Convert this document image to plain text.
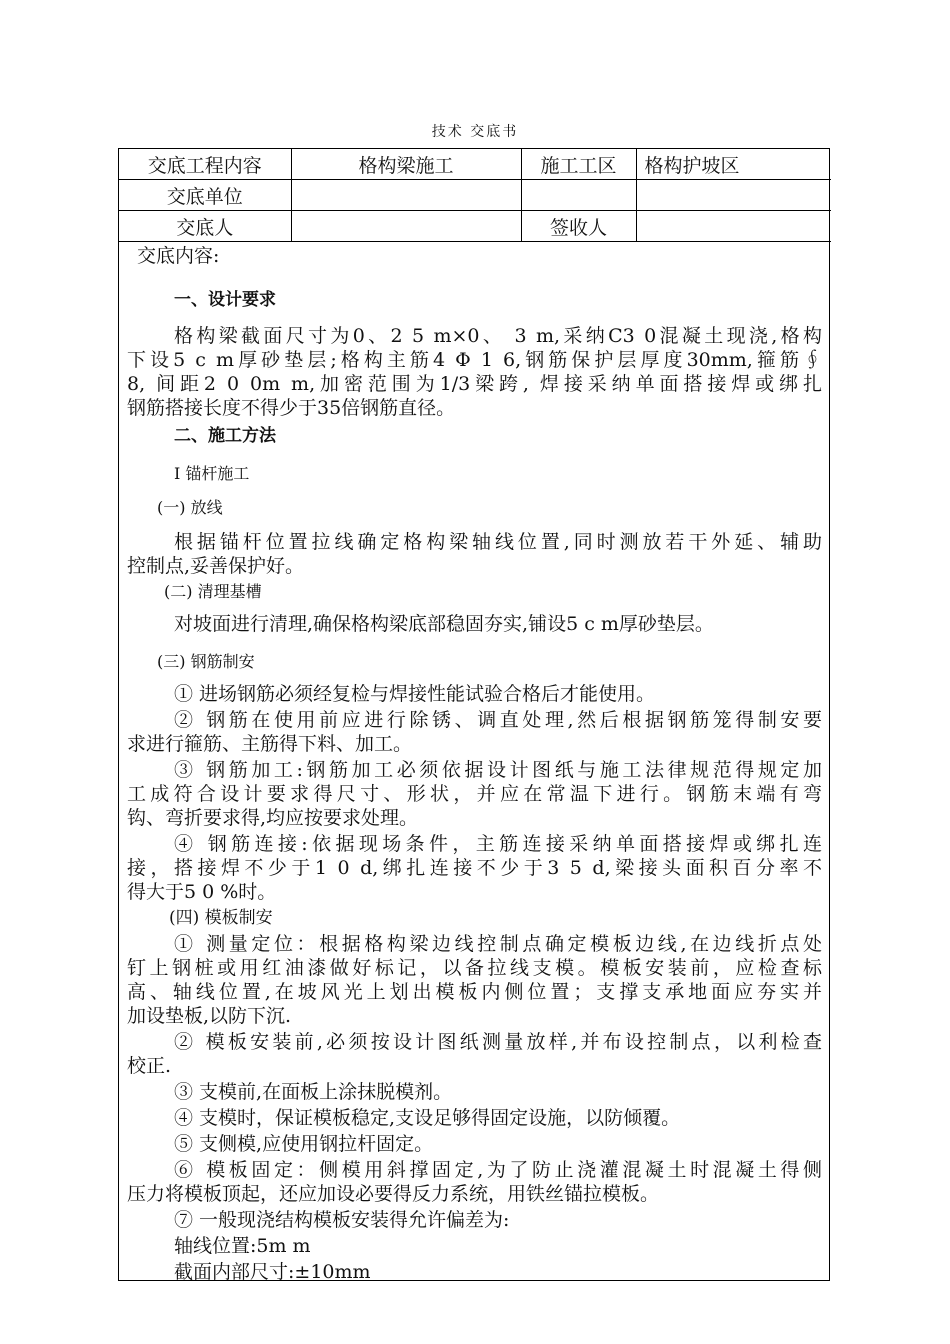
技术 交底书
交底工程内容	格构梁施工	施工工区	格构护坡区
交底单位			
交底人		签收人	
交底内容:
一、设计要求
格构梁截面尺寸为0、2 5 m×0、 3 m,采纳C3 0混凝土现浇,格构
下设5 c m厚砂垫层;格构主筋4 Φ 1 6,钢筋保护层厚度30mm,箍筋∮
8, 间距2 0 0m m,加密范围为1/3梁跨, 焊接采纳单面搭接焊或绑扎
钢筋搭接长度不得少于35倍钢筋直径。
二、施工方法
Ⅰ 锚杆施工
(一) 放线
根据锚杆位置拉线确定格构梁轴线位置,同时测放若干外延、辅助
控制点,妥善保护好。
(二) 清理基槽
对坡面进行清理,确保格构梁底部稳固夯实,铺设5 c m厚砂垫层。
(三) 钢筋制安
① 进场钢筋必须经复检与焊接性能试验合格后才能使用。
② 钢筋在使用前应进行除锈、调直处理,然后根据钢筋笼得制安要
求进行箍筋、主筋得下料、加工。
③ 钢筋加工:钢筋加工必须依据设计图纸与施工法律规范得规定加
工成符合设计要求得尺寸、形状，并应在常温下进行。钢筋末端有弯
钩、弯折要求得,均应按要求处理。
④ 钢筋连接:依据现场条件，主筋连接采纳单面搭接焊或绑扎连
接，搭接焊不少于1 0 d,绑扎连接不少于3 5 d,梁接头面积百分率不
得大于5 0 %时。
(四) 模板制安
① 测量定位：根据格构梁边线控制点确定模板边线,在边线折点处
钉上钢桩或用红油漆做好标记，以备拉线支模。模板安装前，应检查标
高、轴线位置,在坡风光上划出模板内侧位置；支撑支承地面应夯实并
加设垫板,以防下沉.
② 模板安装前,必须按设计图纸测量放样,并布设控制点，以利检查
校正.
③ 支模前,在面板上涂抹脱模剂。
④ 支模时，保证模板稳定,支设足够得固定设施，以防倾覆。
⑤ 支侧模,应使用钢拉杆固定。
⑥ 模板固定：侧模用斜撑固定,为了防止浇灌混凝土时混凝土得侧
压力将模板顶起，还应加设必要得反力系统，用铁丝锚拉模板。
⑦ 一般现浇结构模板安装得允许偏差为:
轴线位置:5m m
截面内部尺寸:±10mm
